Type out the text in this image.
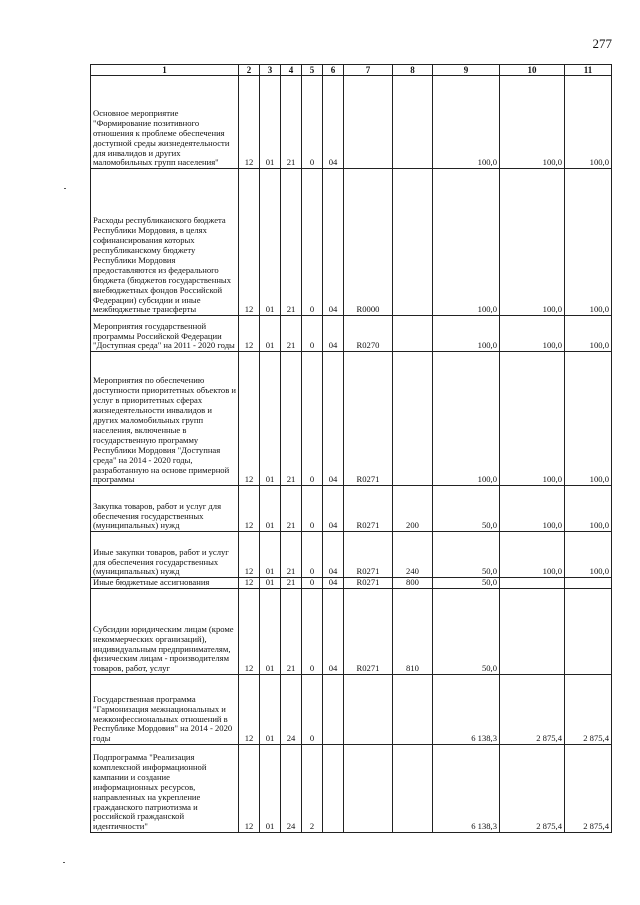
277
1	2	3	4	5	6	7	8	9	10	11
Основное мероприятие "Формирование позитивного отношения к проблеме обеспечения доступной среды жизнедеятельности для инвалидов и других маломобильных групп населения"	12	01	21	0	04			100,0	100,0	100,0
Расходы республиканского бюджета Республики Мордовия, в целях софинансирования которых республиканскому бюджету Республики Мордовия предоставляются из федерального бюджета (бюджетов государственных внебюджетных фондов Российской Федерации) субсидии и иные межбюджетные трансферты	12	01	21	0	04	R0000		100,0	100,0	100,0
Мероприятия государственной программы Российской Федерации "Доступная среда" на 2011 - 2020 годы	12	01	21	0	04	R0270		100,0	100,0	100,0
Мероприятия по обеспечению доступности приоритетных объектов и услуг в приоритетных сферах жизнедеятельности инвалидов и других маломобильных групп населения, включенные в государственную программу Республики Мордовия "Доступная среда" на 2014 - 2020 годы, разработанную на основе примерной программы	12	01	21	0	04	R0271		100,0	100,0	100,0
Закупка товаров, работ и услуг для обеспечения государственных (муниципальных) нужд	12	01	21	0	04	R0271	200	50,0	100,0	100,0
Иные закупки товаров, работ и услуг для обеспечения государственных (муниципальных) нужд	12	01	21	0	04	R0271	240	50,0	100,0	100,0
Иные бюджетные ассигнования	12	01	21	0	04	R0271	800	50,0		
Субсидии юридическим лицам (кроме некоммерческих организаций), индивидуальным предпринимателям, физическим лицам - производителям товаров, работ, услуг	12	01	21	0	04	R0271	810	50,0		
Государственная программа "Гармонизация межнациональных и межконфессиональных отношений в Республике Мордовия" на 2014 - 2020 годы	12	01	24	0				6 138,3	2 875,4	2 875,4
Подпрограмма "Реализация комплексной информационной кампании и создание информационных ресурсов, направленных на укрепление гражданского патриотизма и российской гражданской идентичности"	12	01	24	2				6 138,3	2 875,4	2 875,4
